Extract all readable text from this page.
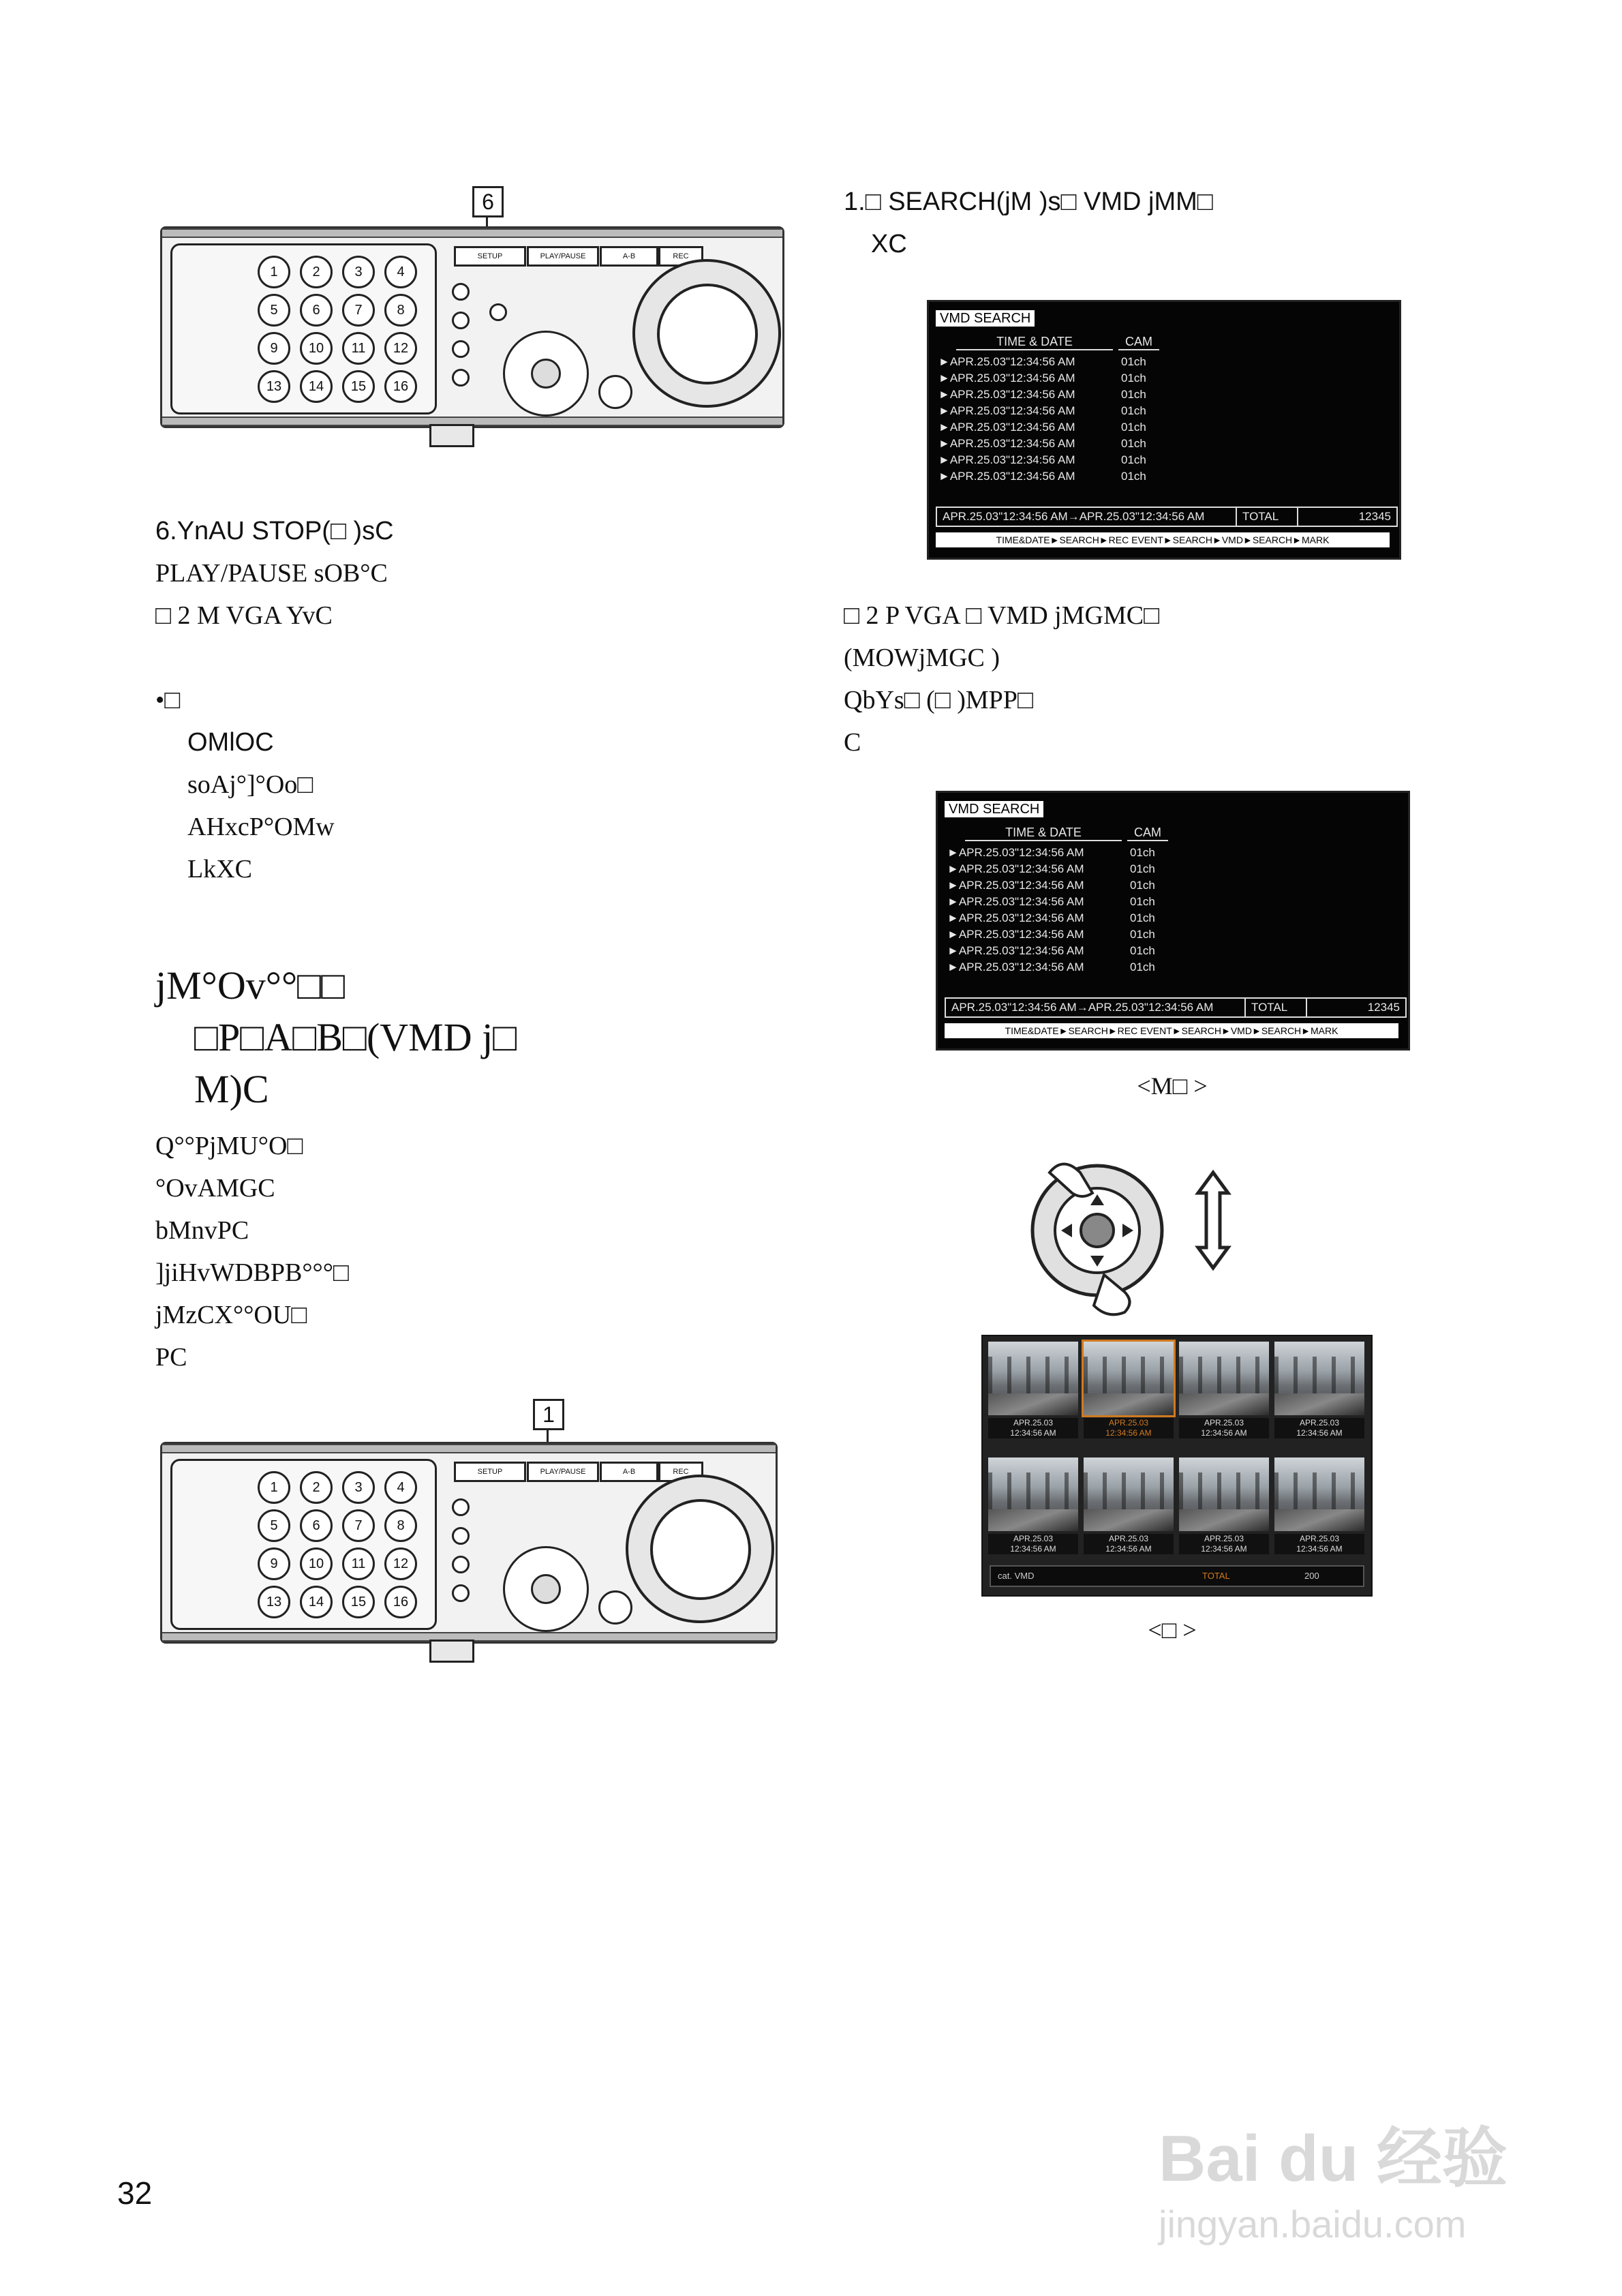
6
SETUP	PLAY/PAUSE	A-B	REC
1	2	3	4
5	6	7	8
9	10	11	12
13	14	15	16
6.YnAU STOP(□ )sC
PLAY/PAUSE sOB°C
□ 2 M VGA YvC
•□
OMlOC
soAj°]°Oo□
AHxcP°OMw
LkXC
jM°Ov°°□□
□P□A□B□(VMD j□
M)C
Q°°PjMU°O□
°OvAMGC
bMnvPC
]jiHvWDBPB°°°□
jMzCX°°OU□
PC
1
SETUP	PLAY/PAUSE	A-B	REC
1	2	3	4
5	6	7	8
9	10	11	12
13	14	15	16
32
1.□ SEARCH(jM )s□ VMD jMM□
XC
VMD SEARCH
TIME & DATE	CAM
►APR.25.03"12:34:56 AM	01ch
►APR.25.03"12:34:56 AM	01ch
►APR.25.03"12:34:56 AM	01ch
►APR.25.03"12:34:56 AM	01ch
►APR.25.03"12:34:56 AM	01ch
►APR.25.03"12:34:56 AM	01ch
►APR.25.03"12:34:56 AM	01ch
►APR.25.03"12:34:56 AM	01ch
APR.25.03"12:34:56 AM→APR.25.03"12:34:56 AM	TOTAL	12345
TIME&DATE►SEARCH►REC EVENT►SEARCH►VMD►SEARCH►MARK
□ 2 P VGA □ VMD jMGMC□
(MOWjMGC )
QbYs□ (□ )MPP□
C
VMD SEARCH
TIME & DATE	CAM
►APR.25.03"12:34:56 AM	01ch
►APR.25.03"12:34:56 AM	01ch
►APR.25.03"12:34:56 AM	01ch
►APR.25.03"12:34:56 AM	01ch
►APR.25.03"12:34:56 AM	01ch
►APR.25.03"12:34:56 AM	01ch
►APR.25.03"12:34:56 AM	01ch
►APR.25.03"12:34:56 AM	01ch
APR.25.03"12:34:56 AM→APR.25.03"12:34:56 AM	TOTAL	12345
TIME&DATE►SEARCH►REC EVENT►SEARCH►VMD►SEARCH►MARK
<M□ >
APR.25.03
12:34:56 AM
APR.25.03
12:34:56 AM
APR.25.03
12:34:56 AM
APR.25.03
12:34:56 AM
APR.25.03
12:34:56 AM
APR.25.03
12:34:56 AM
APR.25.03
12:34:56 AM
APR.25.03
12:34:56 AM
cat. VMD	TOTAL	200
<□ >
Bai du 经验
jingyan.baidu.com
